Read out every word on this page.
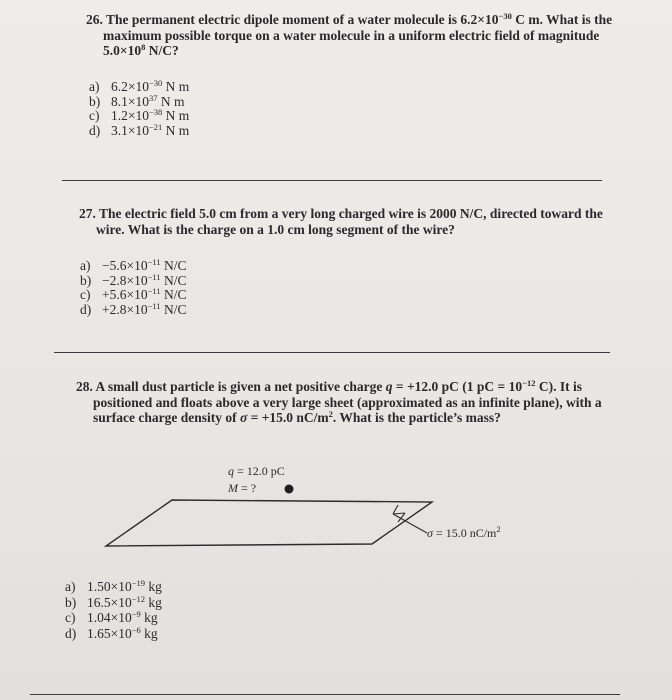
26. The permanent electric dipole moment of a water molecule is $6.2\times 10^{-30}$ C m. What is the
maximum possible torque on a water molecule in a uniform electric field of magnitude
$5.0\times 10^8$ N/C?
a) $6.2\times 10^{-30}$ N m
b) $8.1\times 10^{37}$ N m
c) $1.2\times 10^{-38}$ N m
d) $3.1\times 10^{-21}$ N m
27. The electric field 5.0 cm from a very long charged wire is 2000 N/C, directed toward the
wire. What is the charge on a 1.0 cm long segment of the wire?
$a) -5.6\times 10^{-11}$ N/C
$b) -2.8\times 10^{-11}$ N/C
$c) +5.6\times 10^{-11}$ N/C
$d) +2.8\times 10^{-11}$ N/C
28. A small dust particle is given a net positive charge q = +12.0 pC (1 pC = $10^{-12}$ C). It is
positioned and floats above a very large sheet (approximated as an infinite plane), with a
surface charge density of σ = +15.0 $nC/m^2$. What is the particle’s mass?
q = 12.0 pC
M = ?
σ = 15.0 $nC/m^2$
a) $1.50\times 10^{-19}$ kg
b) $16.5\times 10^{-12}$ kg
c) $1.04\times 10^{-9}$ kg
d) $1.65\times 10^{-6}$ kg
